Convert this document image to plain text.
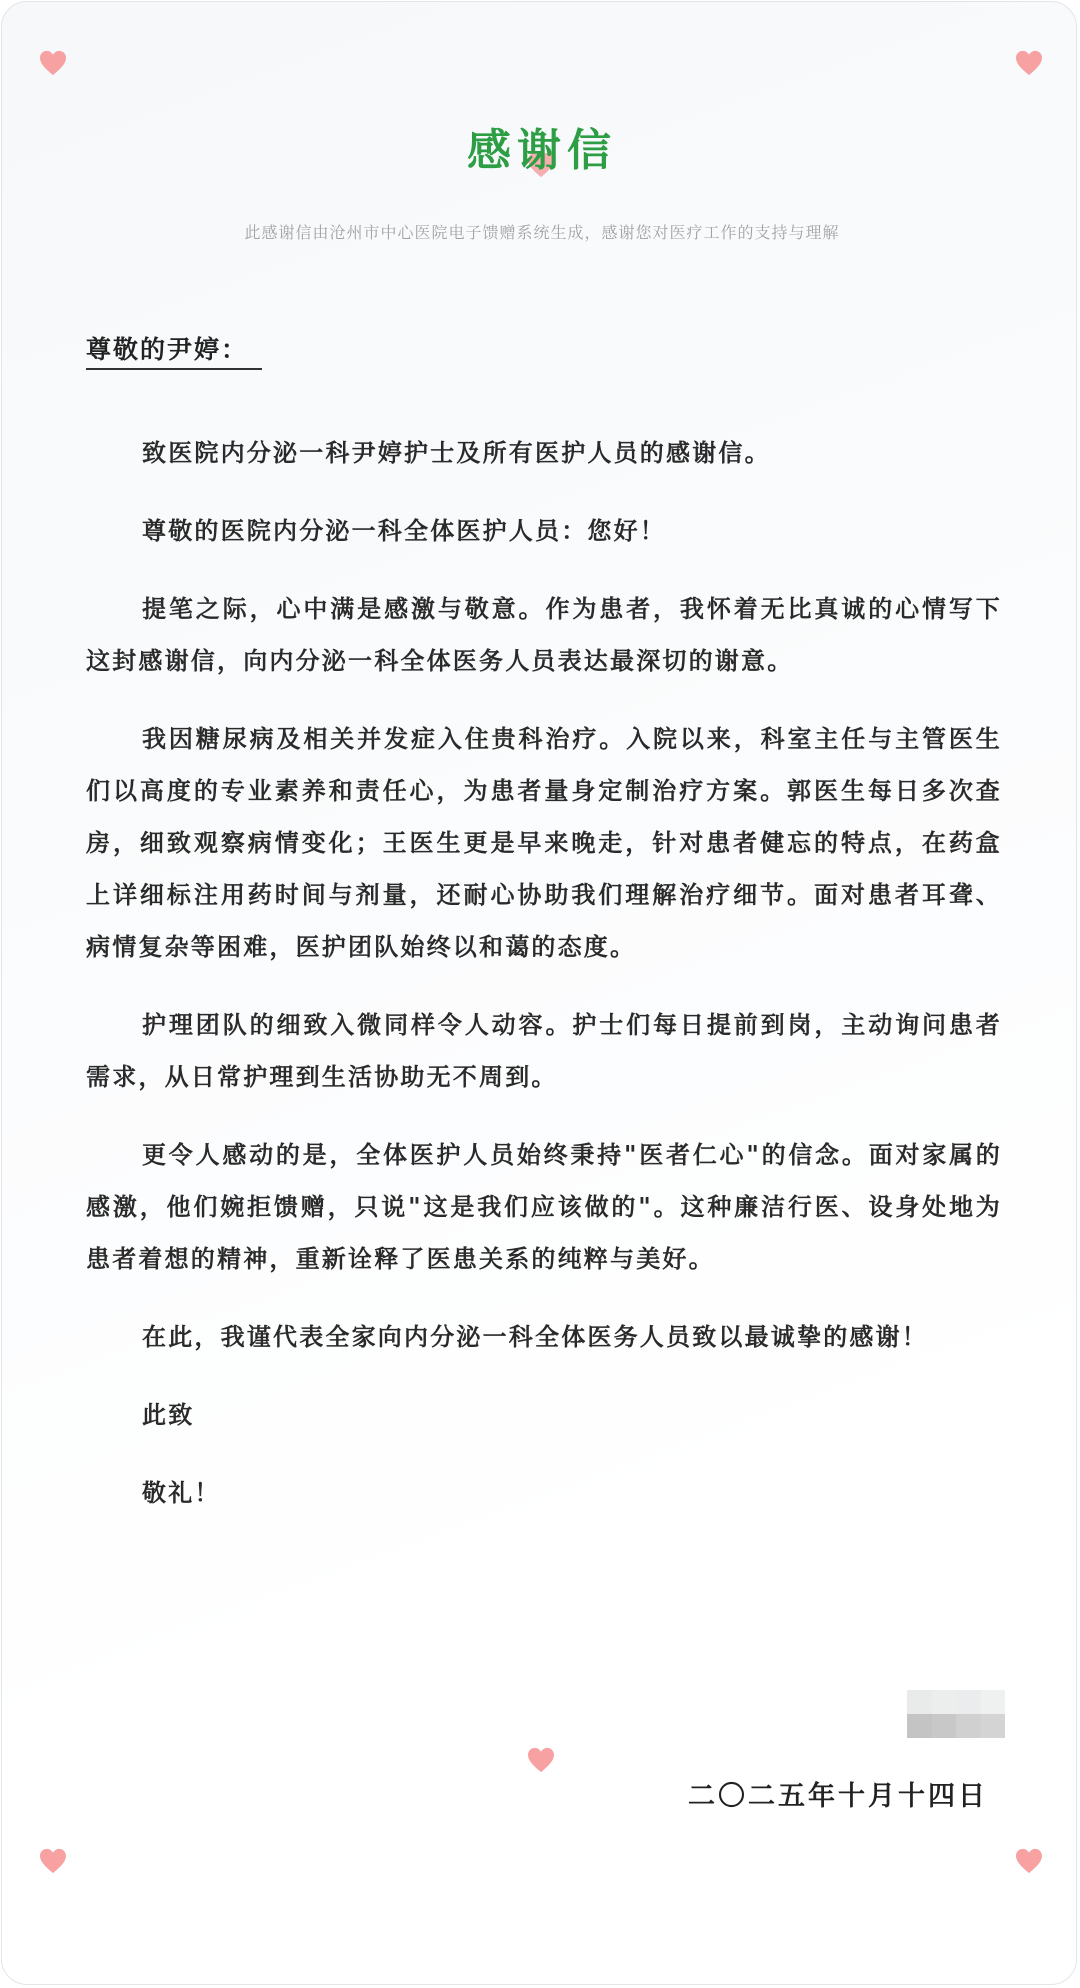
感谢信
此感谢信由沧州市中心医院电子馈赠系统生成，感谢您对医疗工作的支持与理解
尊敬的尹婷：

致医院内分泌一科尹婷护士及所有医护人员的感谢信。

尊敬的医院内分泌一科全体医护人员：您好！

提笔之际，心中满是感激与敬意。作为患者，我怀着无比真诚的心情写下这封感谢信，向内分泌一科全体医务人员表达最深切的谢意。

我因糖尿病及相关并发症入住贵科治疗。入院以来，科室主任与主管医生们以高度的专业素养和责任心，为患者量身定制治疗方案。郭医生每日多次查房，细致观察病情变化；王医生更是早来晚走，针对患者健忘的特点，在药盒上详细标注用药时间与剂量，还耐心协助我们理解治疗细节。面对患者耳聋、病情复杂等困难，医护团队始终以和蔼的态度。

护理团队的细致入微同样令人动容。护士们每日提前到岗，主动询问患者需求，从日常护理到生活协助无不周到。

更令人感动的是，全体医护人员始终秉持"医者仁心"的信念。面对家属的感激，他们婉拒馈赠，只说"这是我们应该做的"。这种廉洁行医、设身处地为患者着想的精神，重新诠释了医患关系的纯粹与美好。

在此，我谨代表全家向内分泌一科全体医务人员致以最诚挚的感谢！

此致

敬礼！

二〇二五年十月十四日
